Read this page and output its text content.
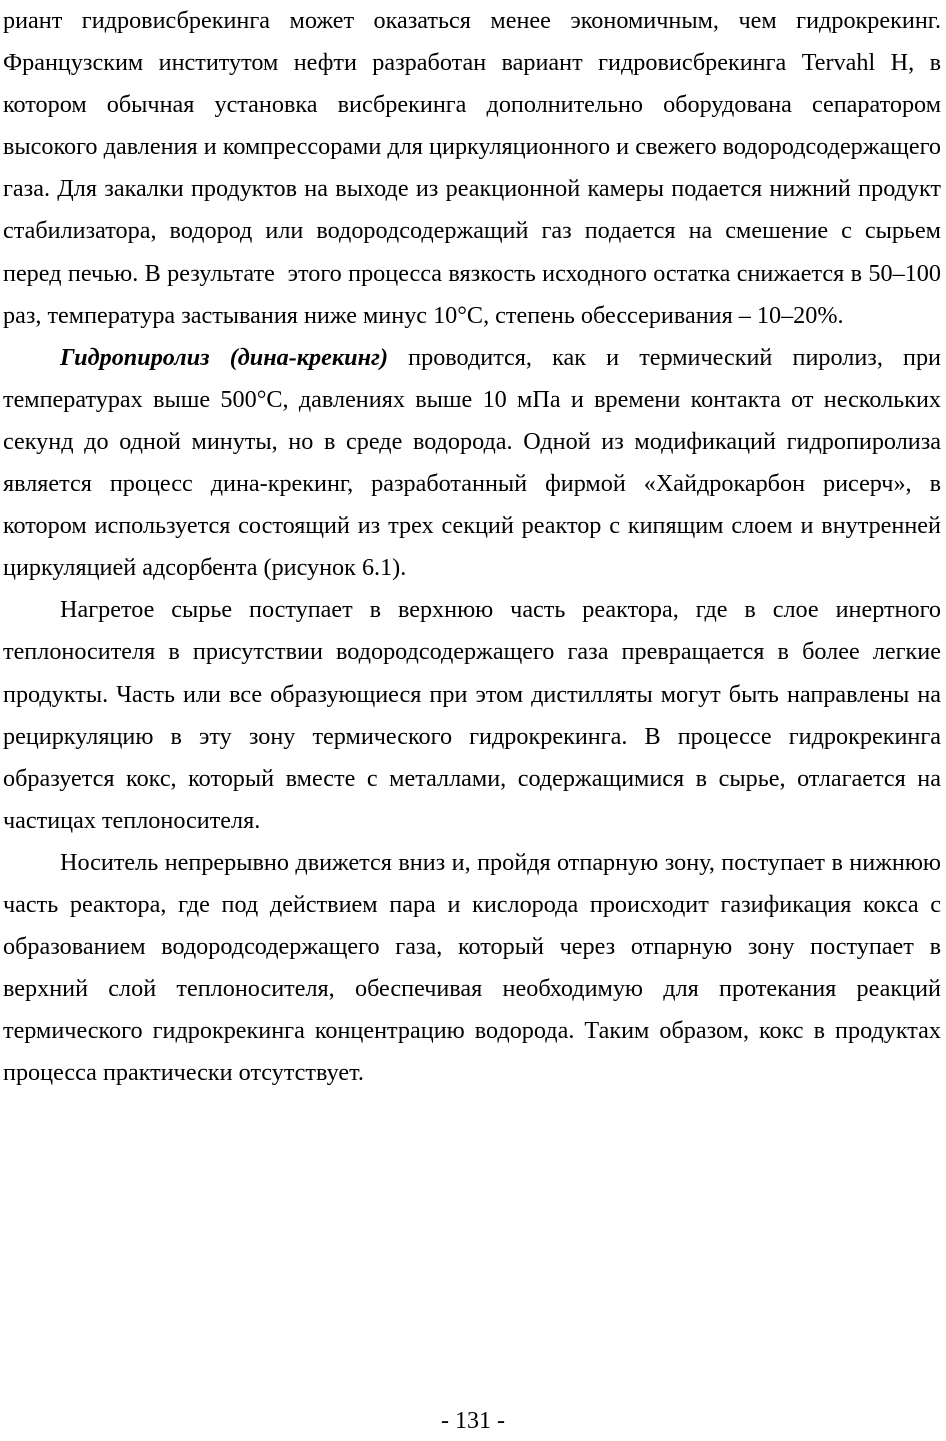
риант гидровисбрекинга может оказаться менее экономичным, чем гидрокрекинг. Французским институтом нефти разработан вариант гидровисбрекинга Tervahl H, в котором обычная установка висбрекинга дополнительно оборудована сепаратором высокого давления и компрессорами для циркуляционного и свежего водородсодержащего газа. Для закалки продуктов на выходе из реакционной камеры подается нижний продукт стабилизатора, водород или водородсодержащий газ подается на смешение с сырьем перед печью. В результате  этого процесса вязкость исходного остатка снижается в 50–100 раз, температура застывания ниже минус 10°С, степень обессеривания – 10–20%.

Гидропиролиз (дина-крекинг) проводится, как и термический пиролиз, при температурах выше 500°С, давлениях выше 10 мПа и времени контакта от нескольких секунд до одной минуты, но в среде водорода. Одной из модификаций гидропиролиза является процесс дина-крекинг, разработанный фирмой «Хайдрокарбон рисерч», в котором используется состоящий из трех секций реактор с кипящим слоем и внутренней циркуляцией адсорбента (рисунок 6.1).

Нагретое сырье поступает в верхнюю часть реактора, где в слое инертного теплоносителя в присутствии водородсодержащего газа превращается в более легкие продукты. Часть или все образующиеся при этом дистилляты могут быть направлены на рециркуляцию в эту зону термического гидрокрекинга. В процессе гидрокрекинга образуется кокс, который вместе с металлами, содержащимися в сырье, отлагается на частицах теплоносителя.

Носитель непрерывно движется вниз и, пройдя отпарную зону, поступает в нижнюю часть реактора, где под действием пара и кислорода происходит газификация кокса с образованием водородсодержащего газа, который через отпарную зону поступает в верхний слой теплоносителя, обеспечивая необходимую для протекания реакций термического гидрокрекинга концентрацию водорода. Таким образом, кокс в продуктах процесса практически отсутствует.

- 131 -
